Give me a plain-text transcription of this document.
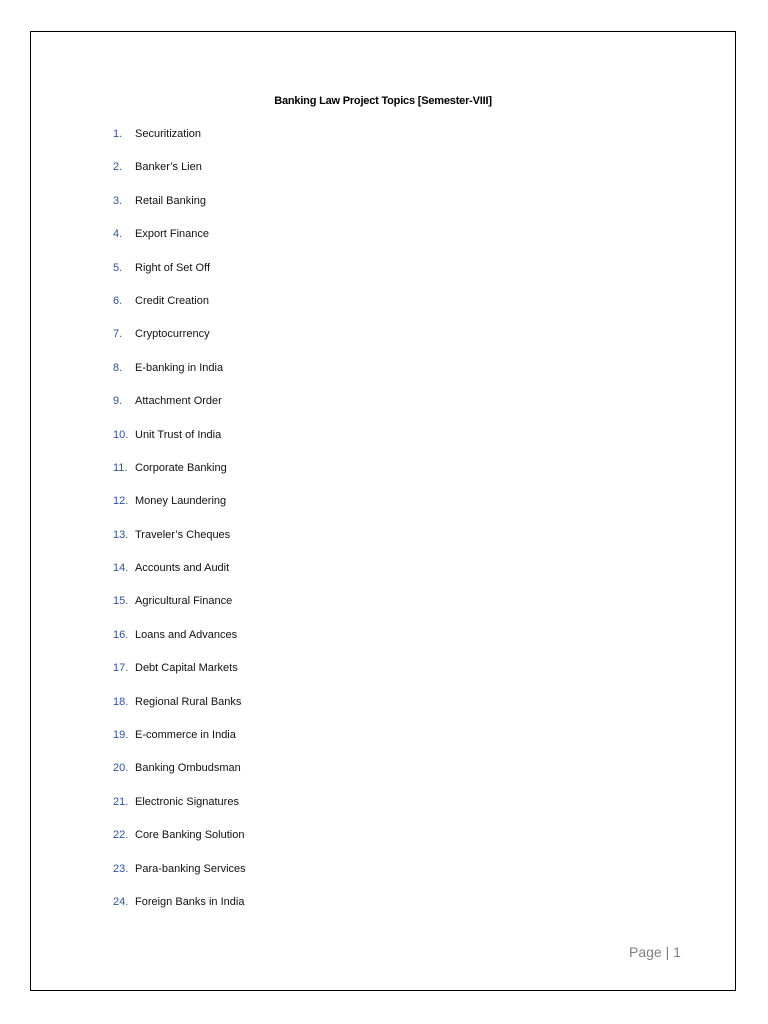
Banking Law Project Topics [Semester-VIII]
1. Securitization
2. Banker’s Lien
3. Retail Banking
4. Export Finance
5. Right of Set Off
6. Credit Creation
7. Cryptocurrency
8. E-banking in India
9. Attachment Order
10. Unit Trust of India
11. Corporate Banking
12. Money Laundering
13. Traveler’s Cheques
14. Accounts and Audit
15. Agricultural Finance
16. Loans and Advances
17. Debt Capital Markets
18. Regional Rural Banks
19. E-commerce in India
20. Banking Ombudsman
21. Electronic Signatures
22. Core Banking Solution
23. Para-banking Services
24. Foreign Banks in India
Page | 1
